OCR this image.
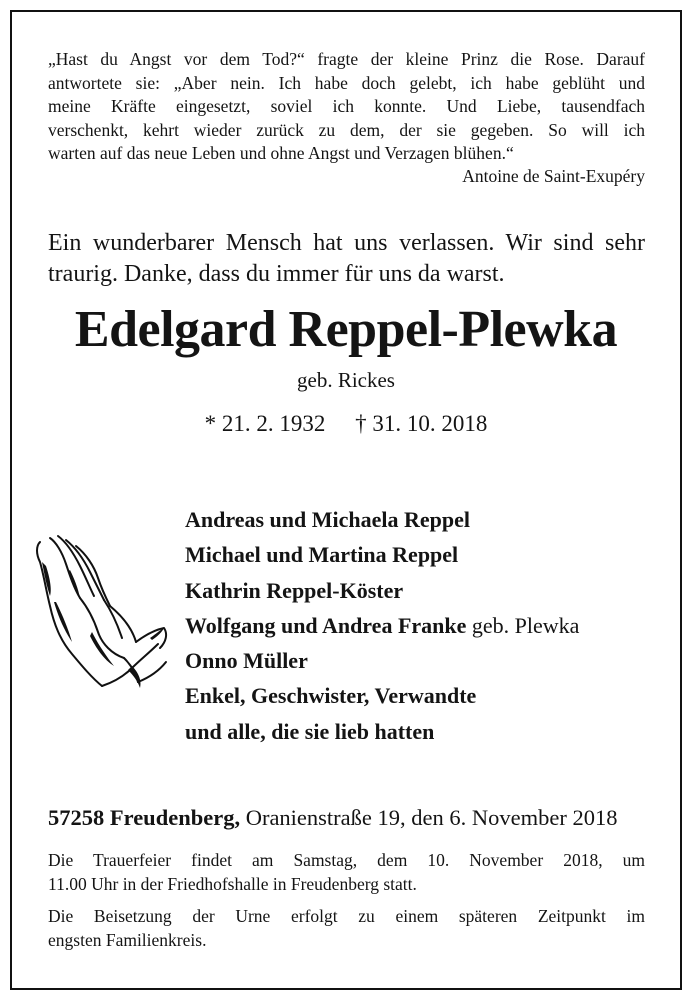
„Hast du Angst vor dem Tod?“ fragte der kleine Prinz die Rose. Darauf
antwortete sie: „Aber nein. Ich habe doch gelebt, ich habe geblüht und
meine Kräfte eingesetzt, soviel ich konnte. Und Liebe, tausendfach
verschenkt, kehrt wieder zurück zu dem, der sie gegeben. So will ich
warten auf das neue Leben und ohne Angst und Verzagen blühen.“
Antoine de Saint-Exupéry
Ein wunderbarer Mensch hat uns verlassen. Wir sind sehr
traurig. Danke, dass du immer für uns da warst.
Edelgard Reppel-Plewka
geb. Rickes
* 21. 2. 1932 † 31. 10. 2018
Andreas und Michaela Reppel
Michael und Martina Reppel
Kathrin Reppel-Köster
Wolfgang und Andrea Franke geb. Plewka
Onno Müller
Enkel, Geschwister, Verwandte
und alle, die sie lieb hatten
57258 Freudenberg, Oranienstraße 19, den 6. November 2018
Die Trauerfeier findet am Samstag, dem 10. November 2018, um
11.00 Uhr in der Friedhofshalle in Freudenberg statt.
Die Beisetzung der Urne erfolgt zu einem späteren Zeitpunkt im
engsten Familienkreis.
